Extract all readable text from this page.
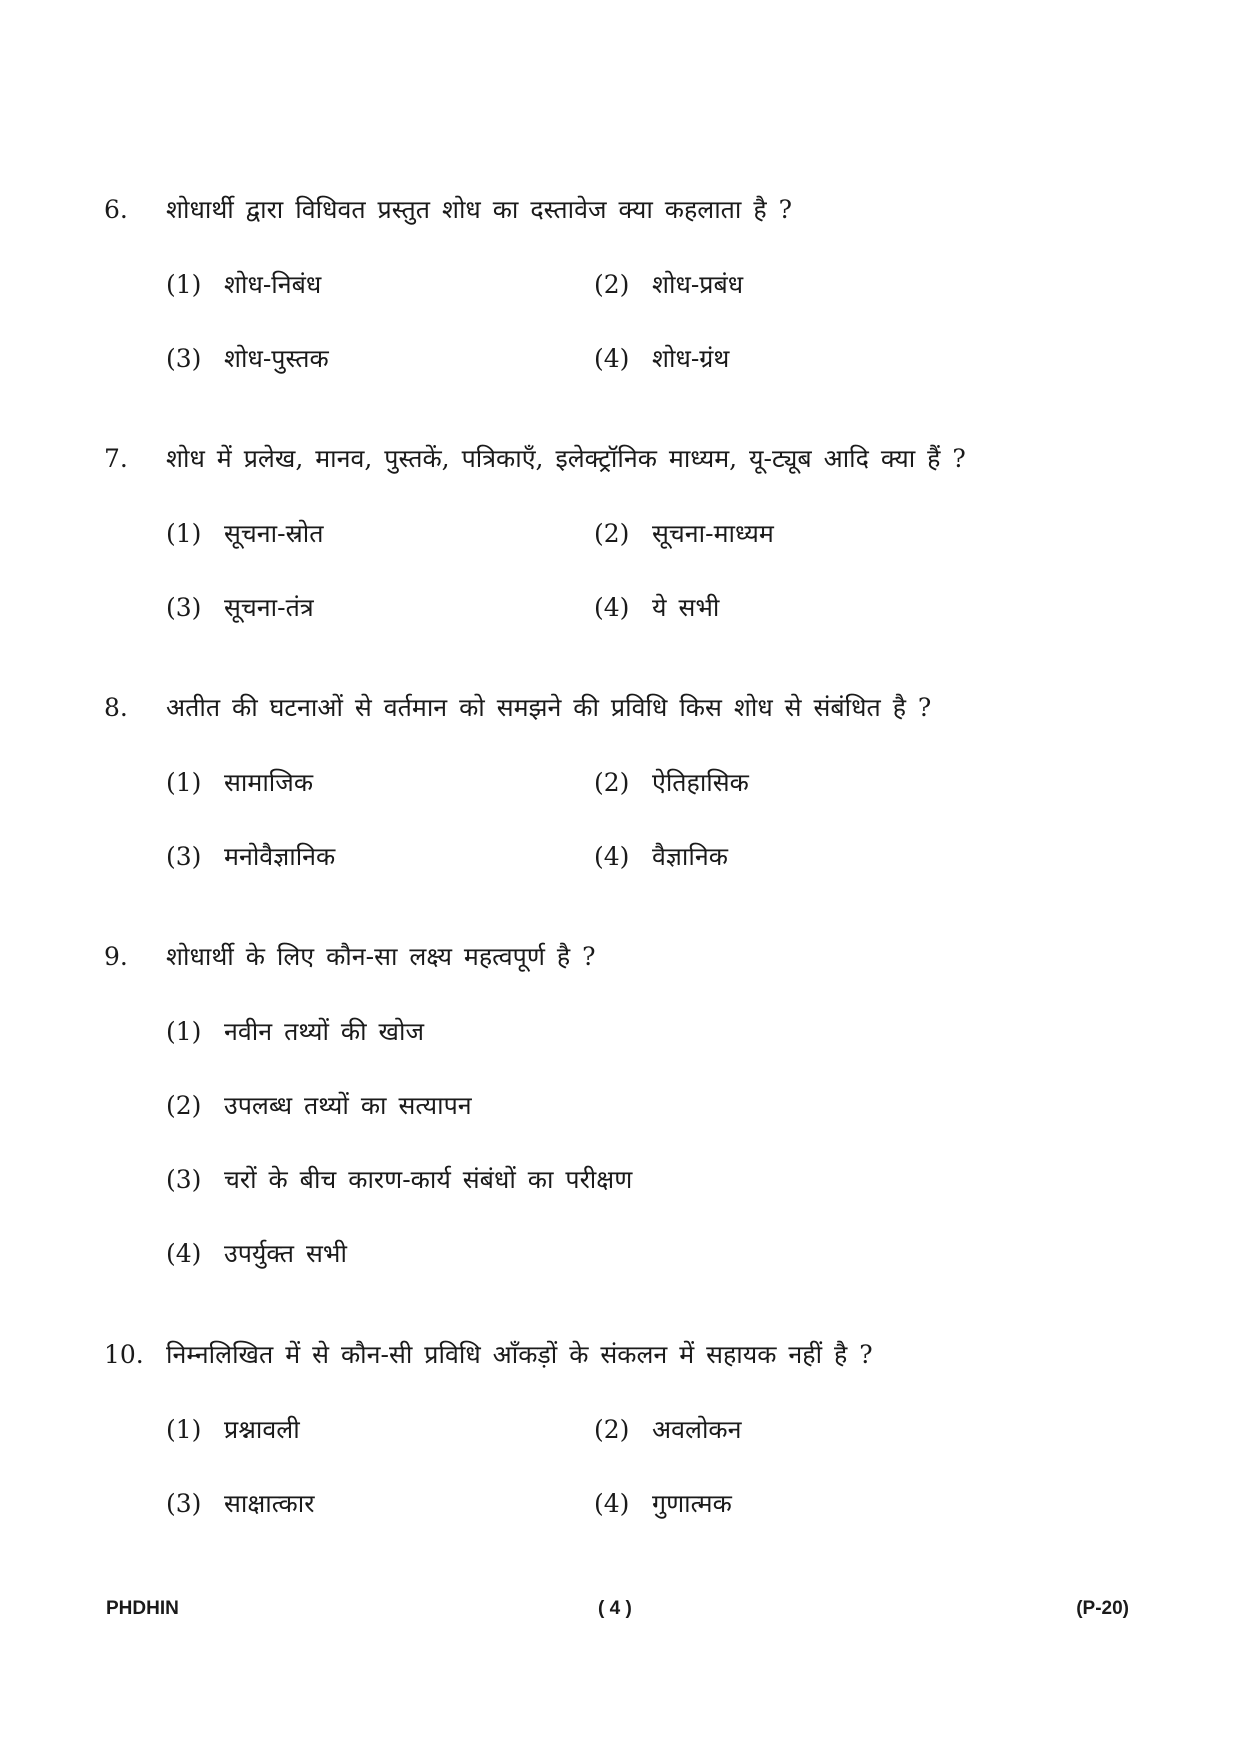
6. शोधार्थी द्वारा विधिवत प्रस्तुत शोध का दस्तावेज क्या कहलाता है ?
(1) शोध-निबंध	(2) शोध-प्रबंध
(3) शोध-पुस्तक	(4) शोध-ग्रंथ
7. शोध में प्रलेख, मानव, पुस्तकें, पत्रिकाएँ, इलेक्ट्रॉनिक माध्यम, यू-ट्यूब आदि क्या हैं ?
(1) सूचना-स्रोत	(2) सूचना-माध्यम
(3) सूचना-तंत्र	(4) ये सभी
8. अतीत की घटनाओं से वर्तमान को समझने की प्रविधि किस शोध से संबंधित है ?
(1) सामाजिक	(2) ऐतिहासिक
(3) मनोवैज्ञानिक	(4) वैज्ञानिक
9. शोधार्थी के लिए कौन-सा लक्ष्य महत्वपूर्ण है ?
(1) नवीन तथ्यों की खोज
(2) उपलब्ध तथ्यों का सत्यापन
(3) चरों के बीच कारण-कार्य संबंधों का परीक्षण
(4) उपर्युक्त सभी
10. निम्नलिखित में से कौन-सी प्रविधि आँकड़ों के संकलन में सहायक नहीं है ?
(1) प्रश्नावली	(2) अवलोकन
(3) साक्षात्कार	(4) गुणात्मक
PHDHIN	( 4 )	(P-20)
